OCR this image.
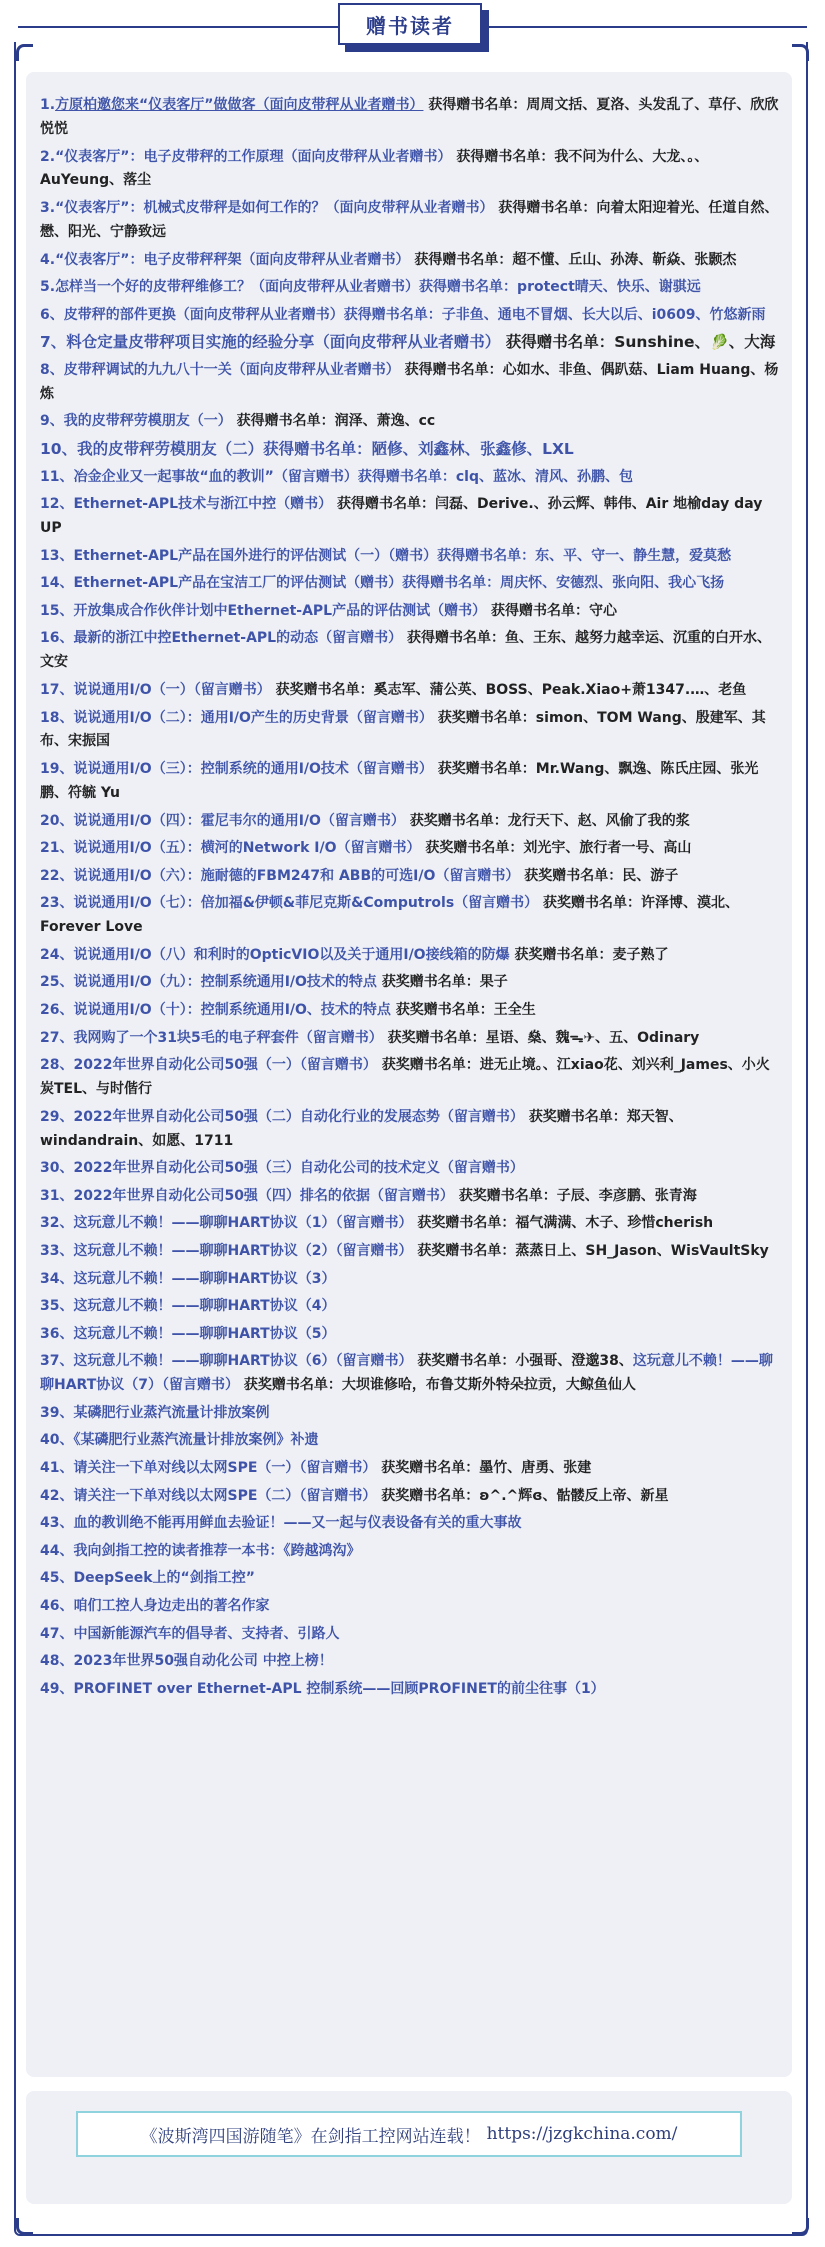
赠书读者
1.方原柏邀您来“仪表客厅”做做客（面向皮带秤从业者赠书） 获得赠书名单：周周文括、夏洛、头发乱了、草仔、欣欣悦悦
2.“仪表客厅”：电子皮带秤的工作原理（面向皮带秤从业者赠书） 获得赠书名单：我不问为什么、大龙、。、AuYeung、落尘
3.“仪表客厅”：机械式皮带秤是如何工作的？（面向皮带秤从业者赠书） 获得赠书名单：向着太阳迎着光、任道自然、懋、阳光、宁静致远
4.“仪表客厅”：电子皮带秤秤架（面向皮带秤从业者赠书） 获得赠书名单：超不懂、丘山、孙涛、靳焱、张颢杰
5.怎样当一个好的皮带秤维修工？（面向皮带秤从业者赠书）获得赠书名单：protect晴天、快乐、谢骐远
6、皮带秤的部件更换（面向皮带秤从业者赠书）获得赠书名单：子非鱼、通电不冒烟、长大以后、i0609、竹悠新雨
7、料仓定量皮带秤项目实施的经验分享（面向皮带秤从业者赠书） 获得赠书名单：Sunshine、🥬、大海
8、皮带秤调试的九九八十一关（面向皮带秤从业者赠书） 获得赠书名单：心如水、非鱼、偶趴菇、Liam Huang、杨炼
9、我的皮带秤劳模朋友（一） 获得赠书名单：润泽、萧逸、cc
10、我的皮带秤劳模朋友（二）获得赠书名单：陋修、刘鑫林、张鑫修、LXL
11、冶金企业又一起事故“血的教训”（留言赠书）获得赠书名单：clq、蓝冰、清风、孙鹏、包
12、Ethernet-APL技术与浙江中控（赠书） 获得赠书名单：闫磊、Derive.、孙云辉、韩伟、Air 地榆day day UP
13、Ethernet-APL产品在国外进行的评估测试（一）（赠书）获得赠书名单：东、平、守一、静生慧，爱莫愁
14、Ethernet-APL产品在宝洁工厂的评估测试（赠书）获得赠书名单：周庆怀、安德烈、张向阳、我心飞扬
15、开放集成合作伙伴计划中Ethernet-APL产品的评估测试（赠书） 获得赠书名单：守心
16、最新的浙江中控Ethernet-APL的动态（留言赠书） 获得赠书名单：鱼、王东、越努力越幸运、沉重的白开水、文安
17、说说通用I/O（一）（留言赠书） 获奖赠书名单：奚志军、蒲公英、BOSS、Peak.Xiao+萧1347.…、老鱼
18、说说通用I/O（二）：通用I/O产生的历史背景（留言赠书） 获奖赠书名单：simon、TOM Wang、殷建军、其布、宋振国
19、说说通用I/O（三）：控制系统的通用I/O技术（留言赠书） 获奖赠书名单：Mr.Wang、飘逸、陈氏庄园、张光鹏、符毓 Yu
20、说说通用I/O（四）：霍尼韦尔的通用I/O（留言赠书） 获奖赠书名单：龙行天下、赵、风偷了我的浆
21、说说通用I/O（五）：横河的Network I/O（留言赠书） 获奖赠书名单：刘光宇、旅行者一号、高山
22、说说通用I/O（六）：施耐德的FBM247和 ABB的可选I/O（留言赠书） 获奖赠书名单：民、游子
23、说说通用I/O（七）：倍加福&伊顿&菲尼克斯&Computrols（留言赠书） 获奖赠书名单：许泽博、漠北、Forever Love
24、说说通用I/O（八）和利时的OpticVIO以及关于通用I/O接线箱的防爆 获奖赠书名单：麦子熟了
25、说说通用I/O（九）：控制系统通用I/O技术的特点 获奖赠书名单：果子
26、说说通用I/O（十）：控制系统通用I/O、技术的特点 获奖赠书名单：王全生
27、我网购了一个31块5毛的电子秤套件（留言赠书） 获奖赠书名单：星语、燊、魏ᯓ✈︎、五、Odinary
28、2022年世界自动化公司50强（一）（留言赠书） 获奖赠书名单：进无止境。、江xiao花、刘兴利_James、小火炭TEL、与时偕行
29、2022年世界自动化公司50强（二）自动化行业的发展态势（留言赠书） 获奖赠书名单：郑天智、windandrain、如愿、1711
30、2022年世界自动化公司50强（三）自动化公司的技术定义（留言赠书）
31、2022年世界自动化公司50强（四）排名的依据（留言赠书） 获奖赠书名单：子辰、李彦鹏、张青海
32、这玩意儿不赖！——聊聊HART协议（1）（留言赠书） 获奖赠书名单：福气满满、木子、珍惜cherish
33、这玩意儿不赖！——聊聊HART协议（2）（留言赠书） 获奖赠书名单：蒸蒸日上、SH_Jason、WisVaultSky
34、这玩意儿不赖！——聊聊HART协议（3）
35、这玩意儿不赖！——聊聊HART协议（4）
36、这玩意儿不赖！——聊聊HART协议（5）
37、这玩意儿不赖！——聊聊HART协议（6）（留言赠书） 获奖赠书名单：小强哥、澄邈38、这玩意儿不赖！——聊聊HART协议（7）（留言赠书） 获奖赠书名单：大坝谁修哈，布鲁艾斯外特朵拉贡，大鲸鱼仙人
39、某磷肥行业蒸汽流量计排放案例
40、《某磷肥行业蒸汽流量计排放案例》补遗
41、请关注一下单对线以太网SPE（一）（留言赠书） 获奖赠书名单：墨竹、唐勇、张建
42、请关注一下单对线以太网SPE（二）（留言赠书） 获奖赠书名单：ʚ^.^辉ɞ、骷髅反上帝、新星
43、血的教训绝不能再用鲜血去验证！——又一起与仪表设备有关的重大事故
44、我向剑指工控的读者推荐一本书：《跨越鸿沟》
45、DeepSeek上的“剑指工控”
46、咱们工控人身边走出的著名作家
47、中国新能源汽车的倡导者、支持者、引路人
48、2023年世界50强自动化公司 中控上榜！
49、PROFINET over Ethernet-APL 控制系统——回顾PROFINET的前尘往事（1）
《波斯湾四国游随笔》在剑指工控网站连载！ https://jzgkchina.com/
